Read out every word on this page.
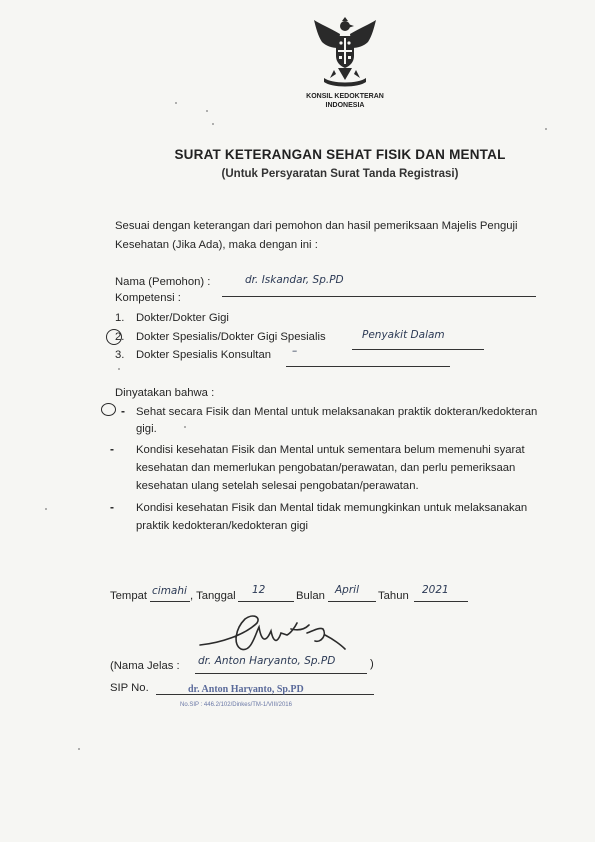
KONSIL KEDOKTERAN
INDONESIA
SURAT KETERANGAN SEHAT FISIK DAN MENTAL
(Untuk Persyaratan Surat Tanda Registrasi)
Sesuai dengan keterangan dari pemohon dan hasil pemeriksaan Majelis Penguji
Kesehatan (Jika Ada), maka dengan ini :
Nama (Pemohon) :	dr. Iskandar, Sp.PD
Kompetensi :
1. Dokter/Dokter Gigi
2. Dokter Spesialis/Dokter Gigi Spesialis	Penyakit Dalam
3. Dokter Spesialis Konsultan –
Dinyatakan bahwa :
- Sehat secara Fisik dan Mental untuk melaksanakan praktik dokteran/kedokteran
gigi.
- Kondisi kesehatan Fisik dan Mental untuk sementara belum memenuhi syarat
kesehatan dan memerlukan pengobatan/perawatan, dan perlu pemeriksaan
kesehatan ulang setelah selesai pengobatan/perawatan.
- Kondisi kesehatan Fisik dan Mental tidak memungkinkan untuk melaksanakan
praktik kedokteran/kedokteran gigi
Tempat cimahi , Tanggal 12	Bulan April Tahun 2021
(Nama Jelas : dr. Anton Haryanto, Sp.PD	)
SIP No.	dr. Anton Haryanto, Sp.PD
No.SIP : 446.2/102/Dinkes/TM-1/VIII/2016
